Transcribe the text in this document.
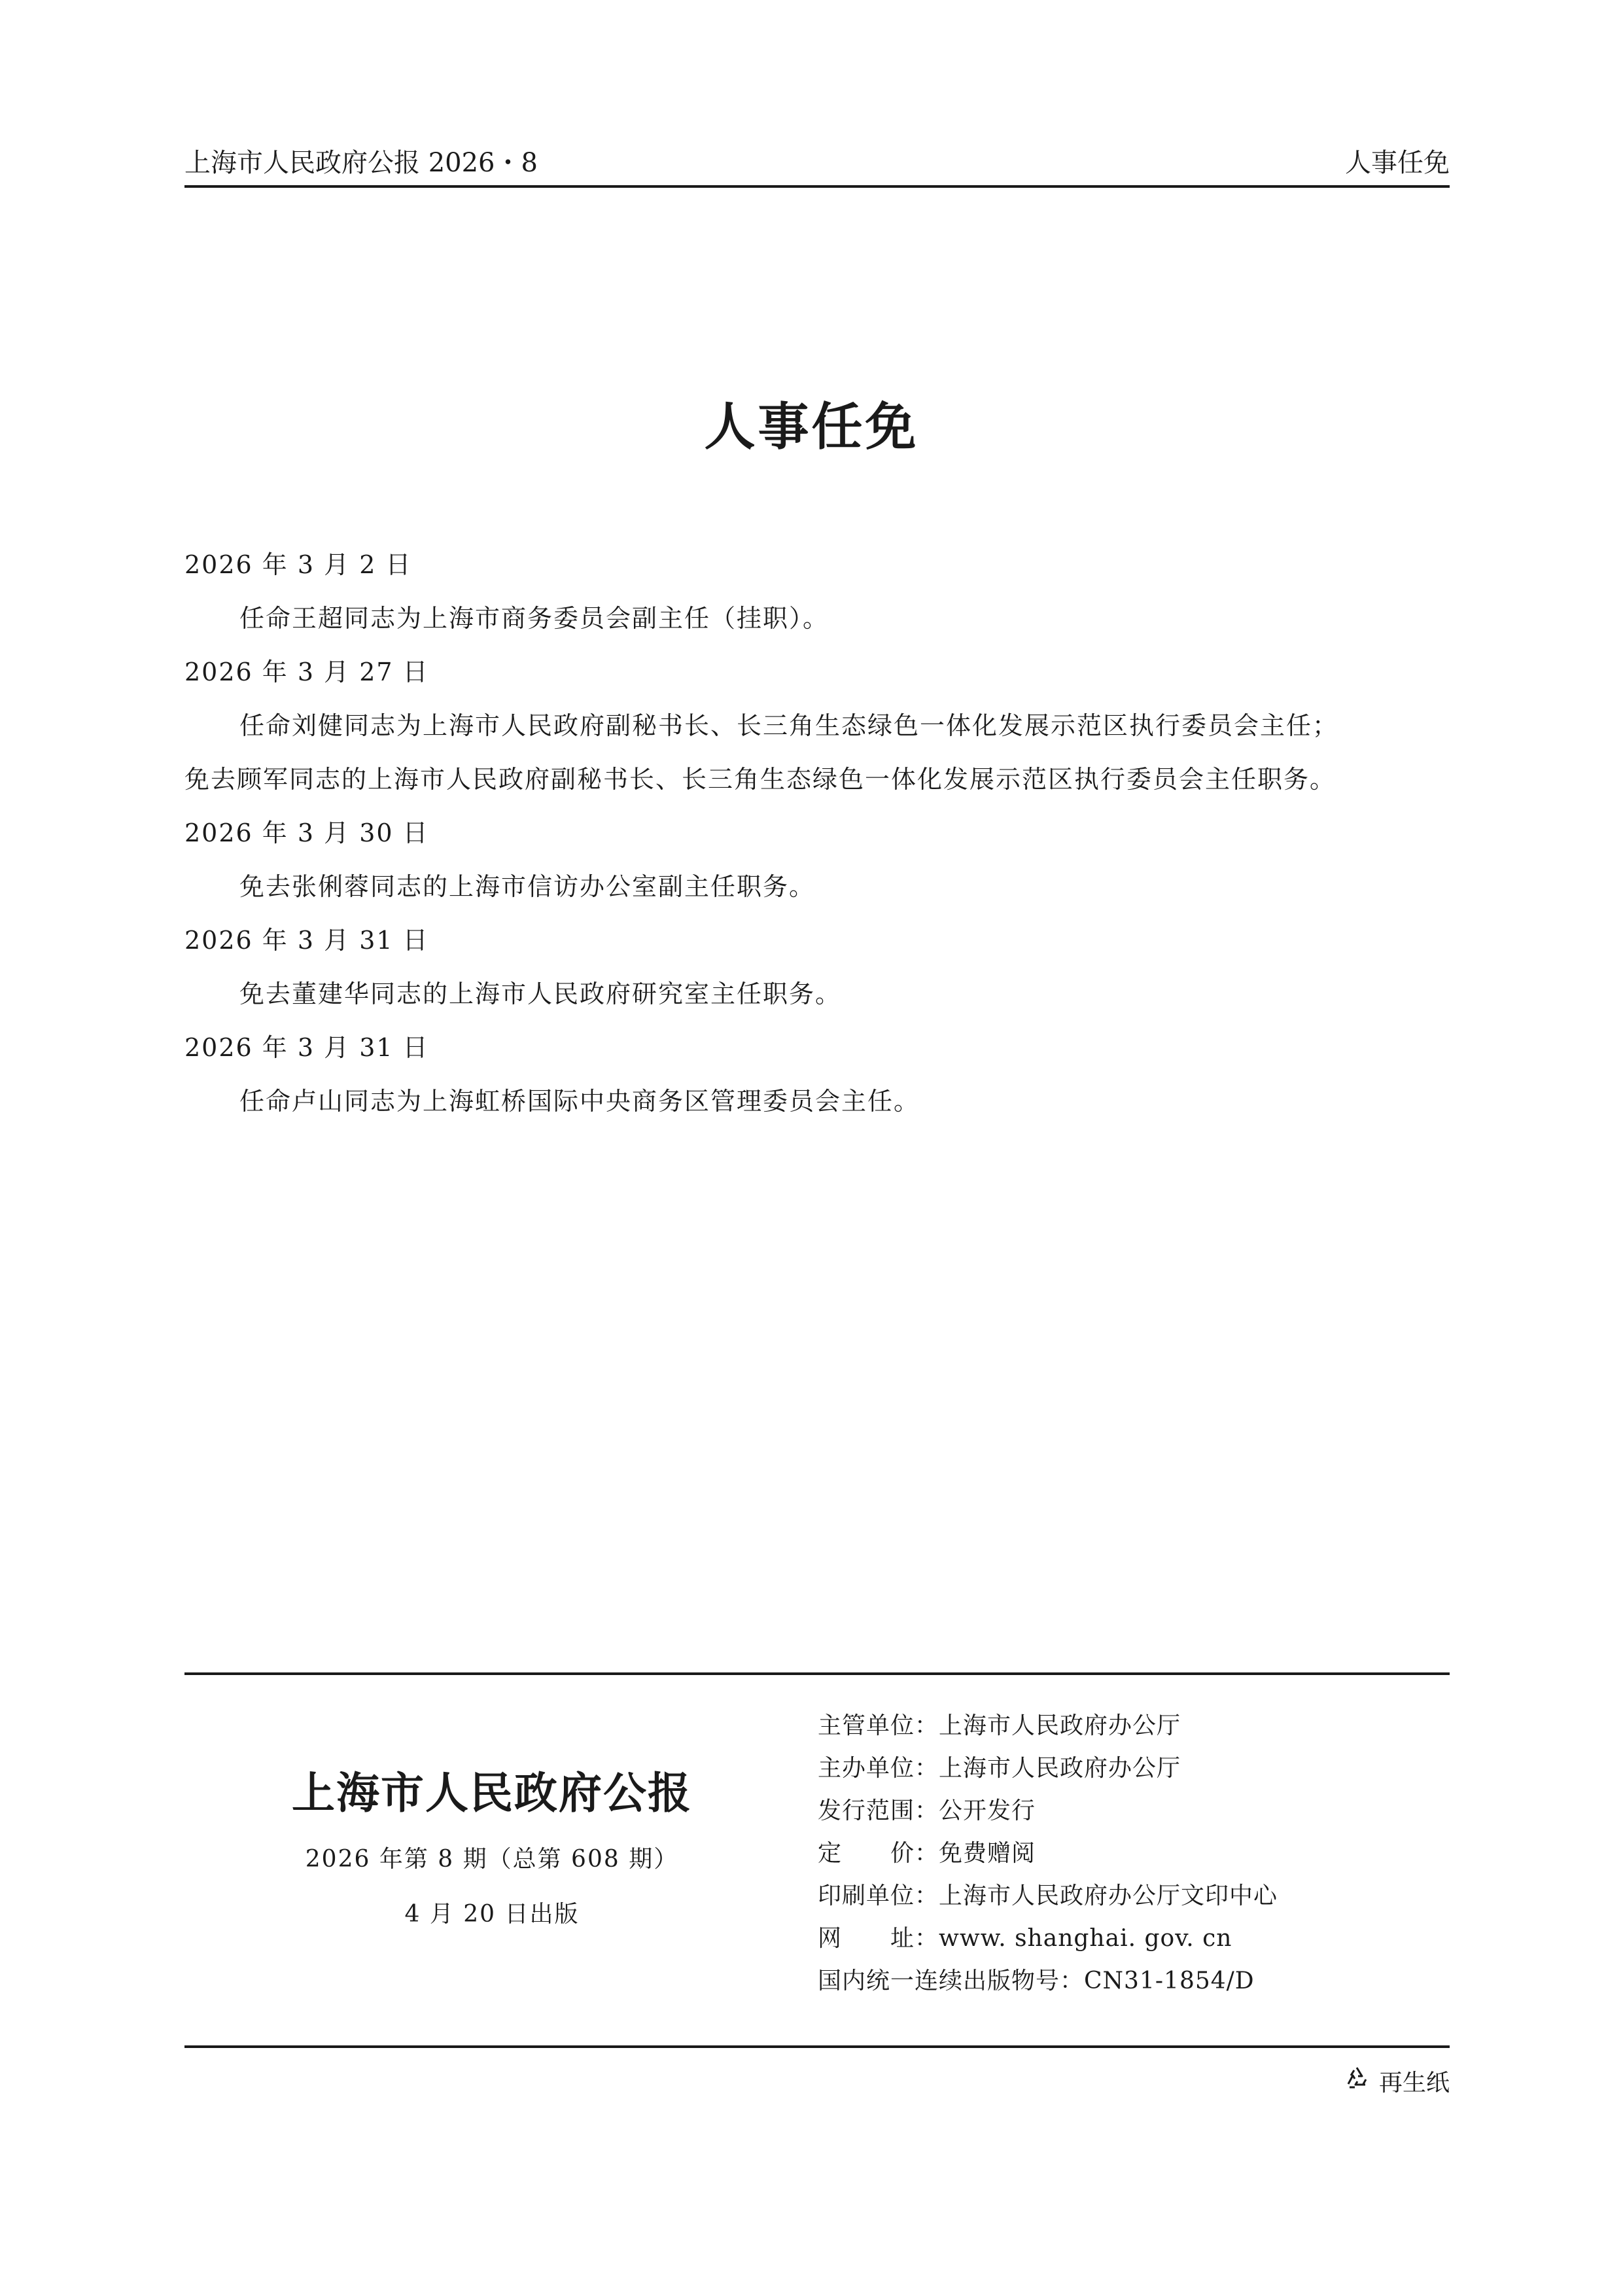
上海市人民政府公报 2026・8	人事任免
人事任免
2026 年 3 月 2 日
任命王超同志为上海市商务委员会副主任（挂职）。
2026 年 3 月 27 日
任命刘健同志为上海市人民政府副秘书长、长三角生态绿色一体化发展示范区执行委员会主任；
免去顾军同志的上海市人民政府副秘书长、长三角生态绿色一体化发展示范区执行委员会主任职务。
2026 年 3 月 30 日
免去张俐蓉同志的上海市信访办公室副主任职务。
2026 年 3 月 31 日
免去董建华同志的上海市人民政府研究室主任职务。
2026 年 3 月 31 日
任命卢山同志为上海虹桥国际中央商务区管理委员会主任。
上海市人民政府公报
2026 年第 8 期（总第 608 期）
4 月 20 日出版
主管单位： 上海市人民政府办公厅
主办单位： 上海市人民政府办公厅
发行范围： 公开发行
定　　价： 免费赠阅
印刷单位： 上海市人民政府办公厅文印中心
网　　址： www. shanghai. gov. cn
国内统一连续出版物号： CN31-1854/D
再生纸
